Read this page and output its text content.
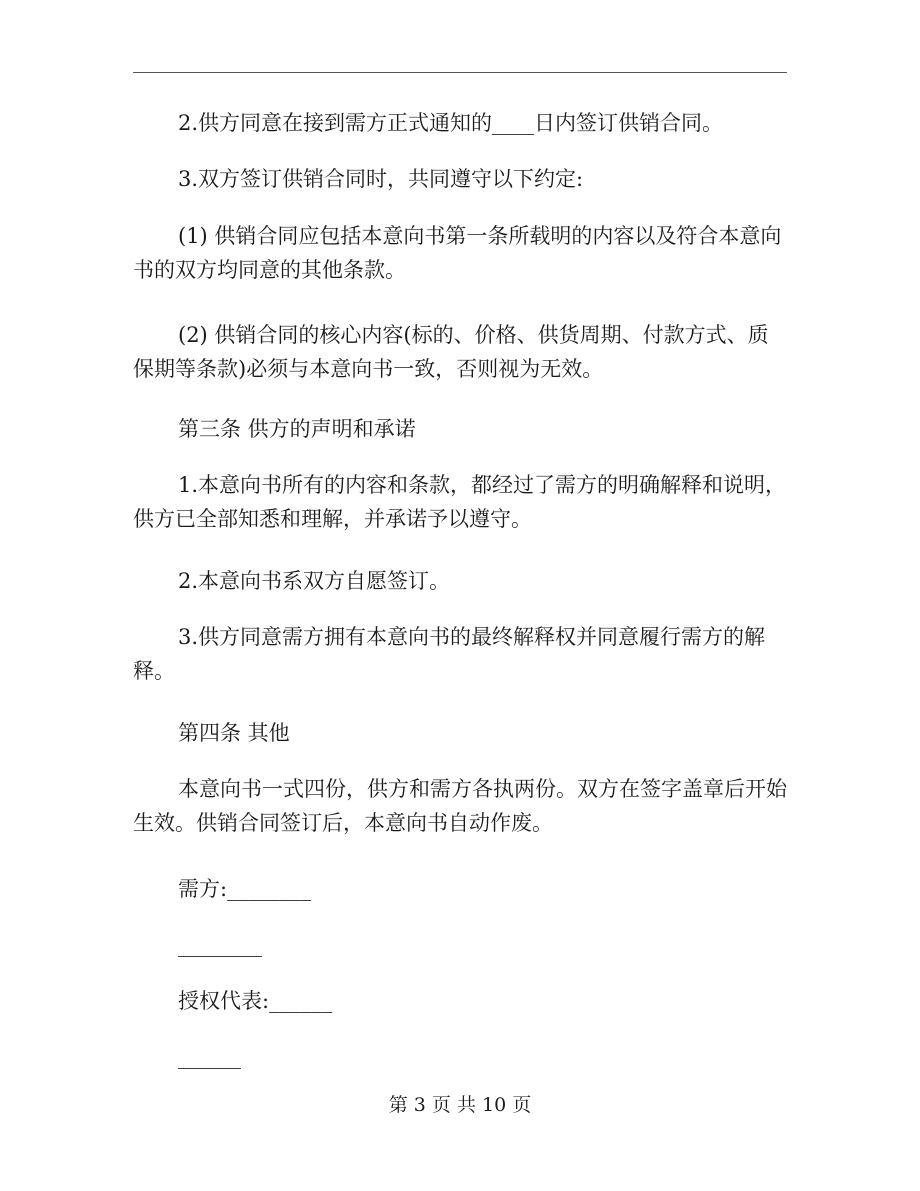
2.供方同意在接到需方正式通知的____日内签订供销合同。

3.双方签订供销合同时，共同遵守以下约定:

(1) 供销合同应包括本意向书第一条所载明的内容以及符合本意向
书的双方均同意的其他条款。

(2) 供销合同的核心内容(标的、价格、供货周期、付款方式、质
保期等条款)必须与本意向书一致，否则视为无效。

第三条 供方的声明和承诺

1.本意向书所有的内容和条款，都经过了需方的明确解释和说明，
供方已全部知悉和理解，并承诺予以遵守。

2.本意向书系双方自愿签订。

3.供方同意需方拥有本意向书的最终解释权并同意履行需方的解
释。

第四条 其他

本意向书一式四份，供方和需方各执两份。双方在签字盖章后开始
生效。供销合同签订后，本意向书自动作废。

需方:________

________

授权代表:______

______

第 3 页 共 10 页
